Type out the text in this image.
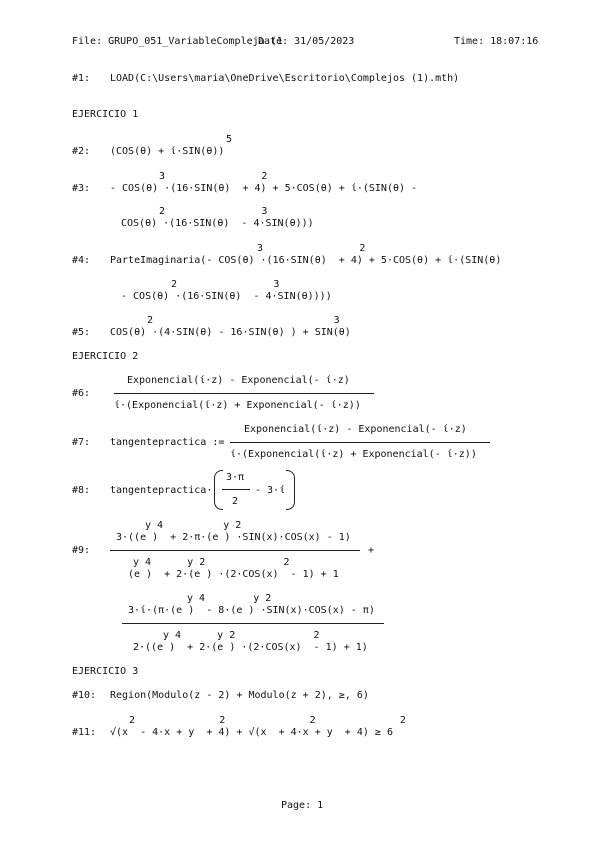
File: GRUPO_051_VariableCompleja (1
Date: 31/05/2023	Time: 18:07:16
#1: LOAD(C:\Users\maria\OneDrive\Escritorio\Complejos (1).mth)
EJERCICIO 1
5
#2: (COS(θ) + ί·SIN(θ))
3                2
#3: - COS(θ) ·(16·SIN(θ)  + 4) + 5·COS(θ) + ί·(SIN(θ) -
2                3
COS(θ) ·(16·SIN(θ)  - 4·SIN(θ)))
3                2
#4: ParteImaginaria(- COS(θ) ·(16·SIN(θ)  + 4) + 5·COS(θ) + ί·(SIN(θ)
2                3
- COS(θ) ·(16·SIN(θ)  - 4·SIN(θ))))
2                              3
#5: COS(θ) ·(4·SIN(θ) - 16·SIN(θ) ) + SIN(θ)
EJERCICIO 2
Exponencial(ί·z) - Exponencial(- ί·z)
#6:
ί·(Exponencial(ί·z) + Exponencial(- ί·z))
Exponencial(ί·z) - Exponencial(- ί·z)
#7: tangentepractica :=
ί·(Exponencial(ί·z) + Exponencial(- ί·z))
#8: tangentepractica·
3·π
2
- 3·ί
y 4          y 2
3·((e )  + 2·π·(e ) ·SIN(x)·COS(x) - 1)
#9:	+
y 4      y 2             2
(e )  + 2·(e ) ·(2·COS(x)  - 1) + 1
y 4        y 2
3·ί·(π·(e )  - 8·(e ) ·SIN(x)·COS(x) - π)
y 4      y 2             2
2·((e )  + 2·(e ) ·(2·COS(x)  - 1) + 1)
EJERCICIO 3
#10: Region(Modulo(z - 2) + Modulo(z + 2), ≥, 6)
2              2              2              2
#11: √(x  - 4·x + y  + 4) + √(x  + 4·x + y  + 4) ≥ 6
Page: 1
